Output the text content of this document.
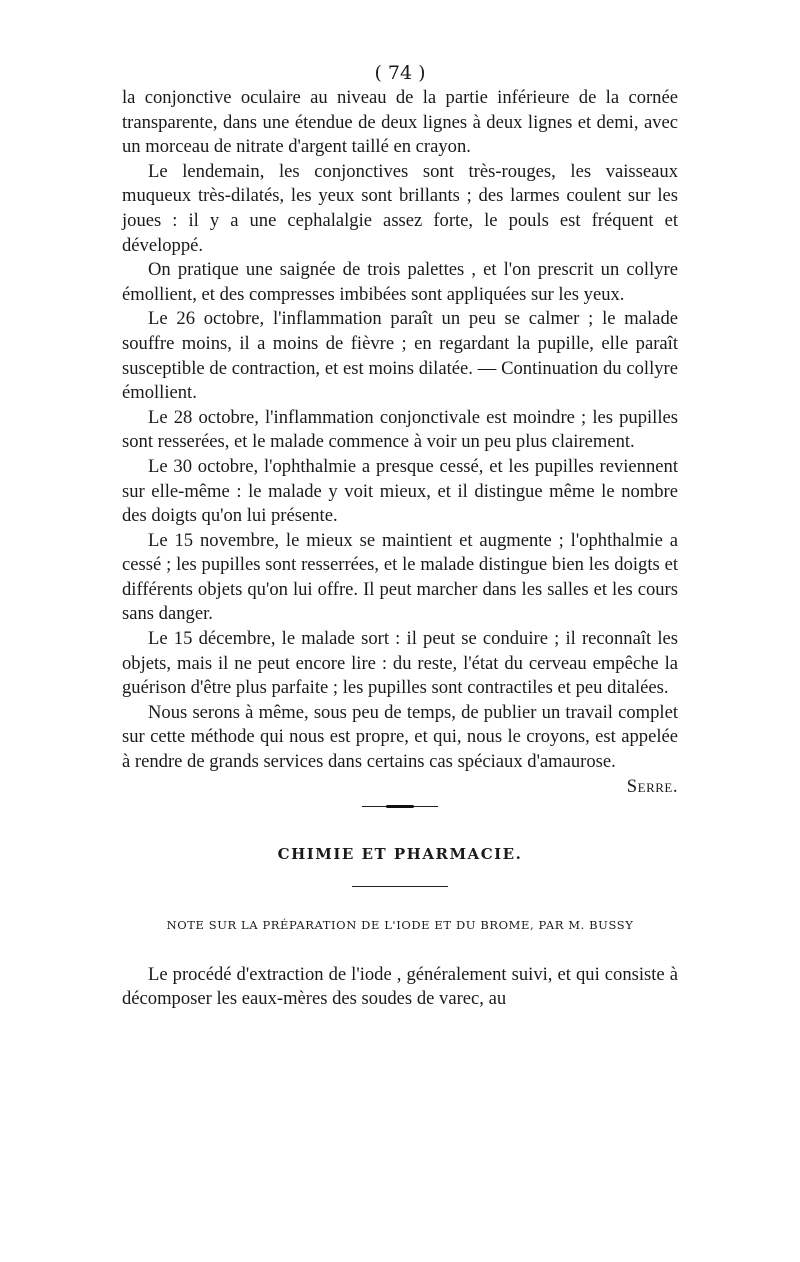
( 74 )

la conjonctive oculaire au niveau de la partie inférieure de la cornée transparente, dans une étendue de deux lignes à deux lignes et demi, avec un morceau de nitrate d'argent taillé en crayon.

Le lendemain, les conjonctives sont très-rouges, les vaisseaux muqueux très-dilatés, les yeux sont brillants ; des larmes coulent sur les joues : il y a une cephalalgie assez forte, le pouls est fréquent et développé.

On pratique une saignée de trois palettes , et l'on prescrit un collyre émollient, et des compresses imbibées sont appliquées sur les yeux.

Le 26 octobre, l'inflammation paraît un peu se calmer ; le malade souffre moins, il a moins de fièvre ; en regardant la pupille, elle paraît susceptible de contraction, et est moins dilatée. — Continuation du collyre émollient.

Le 28 octobre, l'inflammation conjonctivale est moindre ; les pupilles sont resserées, et le malade commence à voir un peu plus clairement.

Le 30 octobre, l'ophthalmie a presque cessé, et les pupilles reviennent sur elle-même : le malade y voit mieux, et il distingue même le nombre des doigts qu'on lui présente.

Le 15 novembre, le mieux se maintient et augmente ; l'ophthalmie a cessé ; les pupilles sont resserrées, et le malade distingue bien les doigts et différents objets qu'on lui offre. Il peut marcher dans les salles et les cours sans danger.

Le 15 décembre, le malade sort : il peut se conduire ; il reconnaît les objets, mais il ne peut encore lire : du reste, l'état du cerveau empêche la guérison d'être plus parfaite ; les pupilles sont contractiles et peu ditalées.

Nous serons à même, sous peu de temps, de publier un travail complet sur cette méthode qui nous est propre, et qui, nous le croyons, est appelée à rendre de grands services dans certains cas spéciaux d'amaurose.
Serre.

CHIMIE ET PHARMACIE.
NOTE SUR LA PRÉPARATION DE L'IODE ET DU BROME, PAR M. BUSSY

Le procédé d'extraction de l'iode , généralement suivi, et qui consiste à décomposer les eaux-mères des soudes de varec, au
